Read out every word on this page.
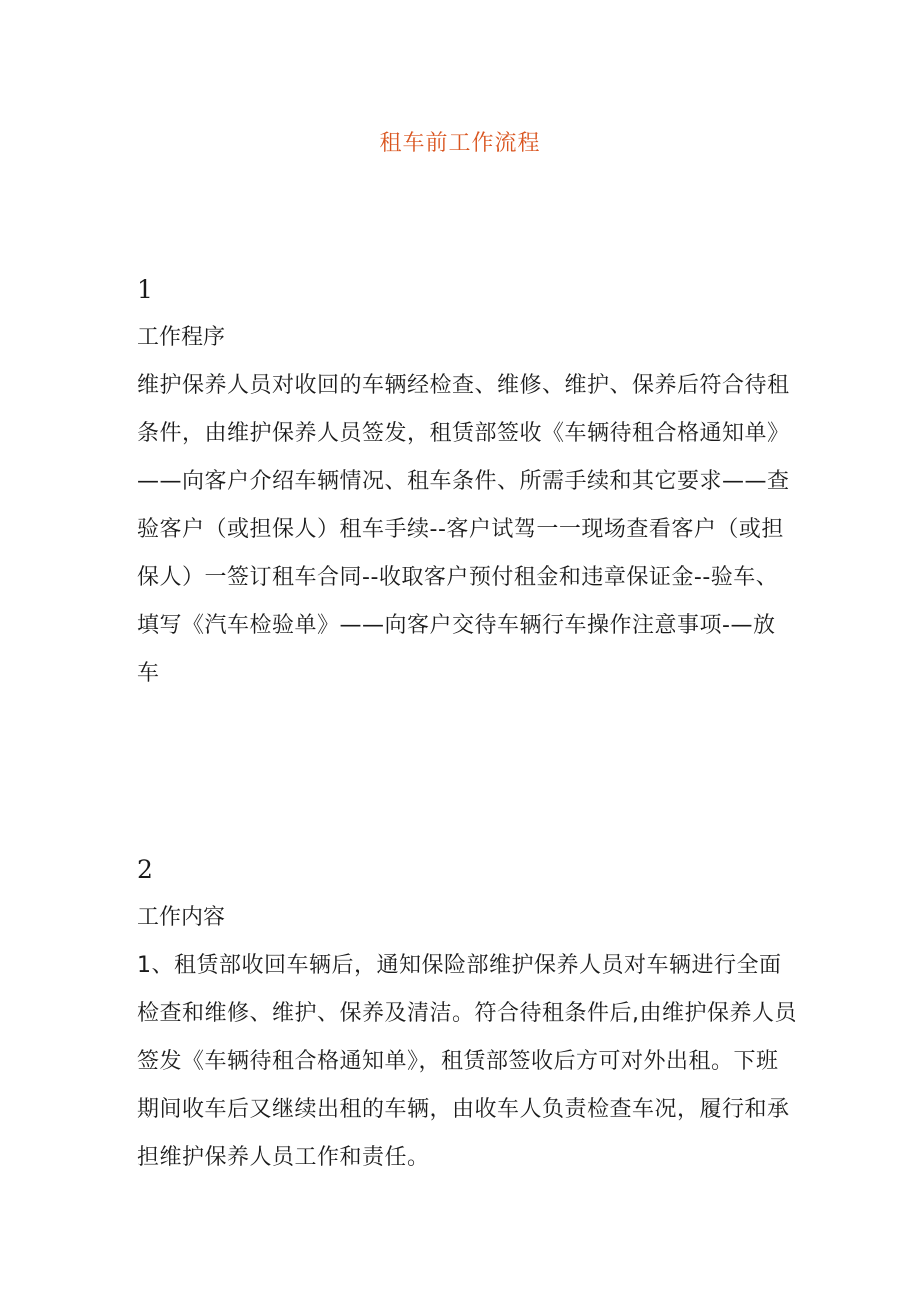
租车前工作流程
1
工作程序

维护保养人员对收回的车辆经检查、维修、维护、保养后符合待租条件，由维护保养人员签发，租赁部签收《车辆待租合格通知单》——向客户介绍车辆情况、租车条件、所需手续和其它要求——查验客户（或担保人）租车手续--客户试驾一一现场查看客户（或担保人）一签订租车合同--收取客户预付租金和违章保证金--验车、填写《汽车检验单》——向客户交待车辆行车操作注意事项-—放车

2
工作内容

1、租赁部收回车辆后，通知保险部维护保养人员对车辆进行全面检查和维修、维护、保养及清洁。符合待租条件后,由维护保养人员签发《车辆待租合格通知单》，租赁部签收后方可对外出租。下班期间收车后又继续出租的车辆，由收车人负责检查车况，履行和承担维护保养人员工作和责任。
